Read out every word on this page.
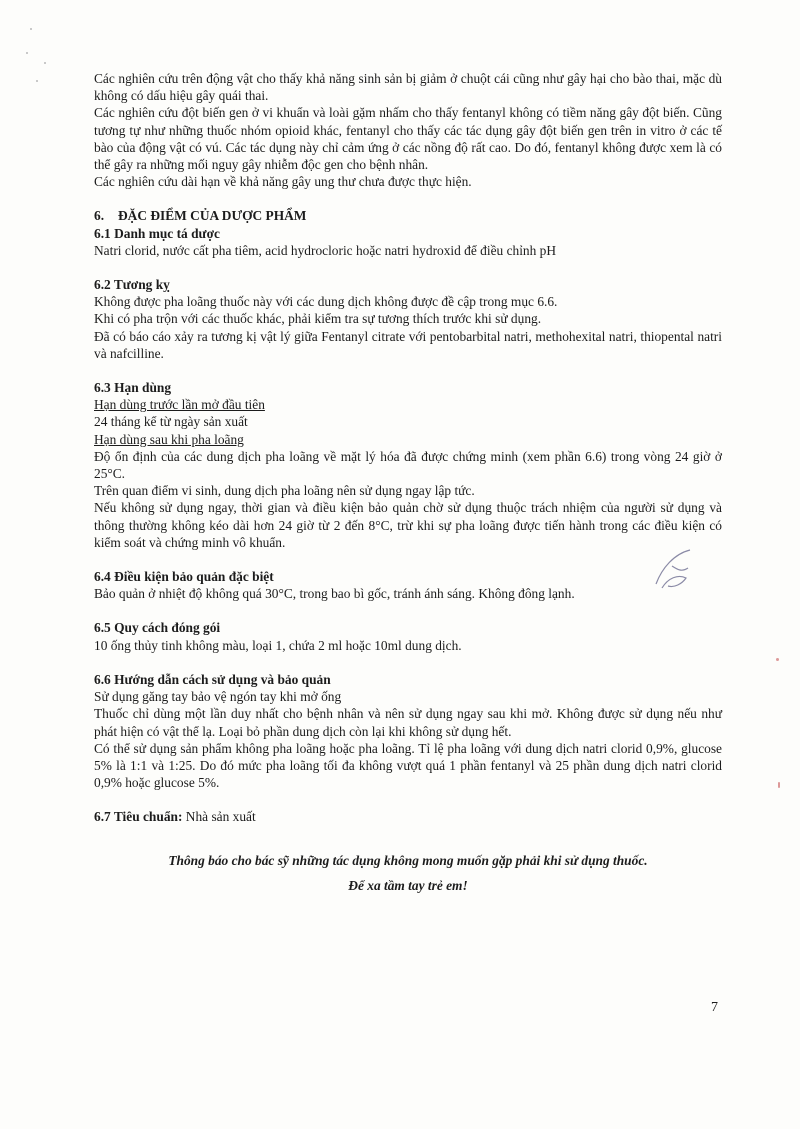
Các nghiên cứu trên động vật cho thấy khả năng sinh sản bị giảm ở chuột cái cũng như gây hại cho bào thai, mặc dù không có dấu hiệu gây quái thai.

Các nghiên cứu đột biến gen ở vi khuẩn và loài gặm nhấm cho thấy fentanyl không có tiềm năng gây đột biến. Cũng tương tự như những thuốc nhóm opioid khác, fentanyl cho thấy các tác dụng gây đột biến gen trên in vitro ở các tế bào của động vật có vú. Các tác dụng này chỉ cảm ứng ở các nồng độ rất cao. Do đó, fentanyl không được xem là có thể gây ra những mối nguy gây nhiễm độc gen cho bệnh nhân.

Các nghiên cứu dài hạn về khả năng gây ung thư chưa được thực hiện.

6. ĐẶC ĐIỂM CỦA DƯỢC PHẨM

6.1 Danh mục tá dược

Natri clorid, nước cất pha tiêm, acid hydrocloric hoặc natri hydroxid để điều chỉnh pH

6.2 Tương kỵ

Không được pha loãng thuốc này với các dung dịch không được đề cập trong mục 6.6.

Khi có pha trộn với các thuốc khác, phải kiểm tra sự tương thích trước khi sử dụng.

Đã có báo cáo xảy ra tương kị vật lý giữa Fentanyl citrate với pentobarbital natri, methohexital natri, thiopental natri và nafcilline.

6.3 Hạn dùng

Hạn dùng trước lần mở đầu tiên

24 tháng kể từ ngày sản xuất

Hạn dùng sau khi pha loãng

Độ ổn định của các dung dịch pha loãng về mặt lý hóa đã được chứng minh (xem phần 6.6) trong vòng 24 giờ ở 25°C.

Trên quan điểm vi sinh, dung dịch pha loãng nên sử dụng ngay lập tức.

Nếu không sử dụng ngay, thời gian và điều kiện bảo quản chờ sử dụng thuộc trách nhiệm của người sử dụng và thông thường không kéo dài hơn 24 giờ từ 2 đến 8°C, trừ khi sự pha loãng được tiến hành trong các điều kiện có kiểm soát và chứng minh vô khuẩn.

6.4 Điều kiện bảo quản đặc biệt

Bảo quản ở nhiệt độ không quá 30°C, trong bao bì gốc, tránh ánh sáng. Không đông lạnh.

6.5 Quy cách đóng gói

10 ống thủy tinh không màu, loại 1, chứa 2 ml hoặc 10ml dung dịch.

6.6 Hướng dẫn cách sử dụng và bảo quản

Sử dụng găng tay bảo vệ ngón tay khi mở ống

Thuốc chỉ dùng một lần duy nhất cho bệnh nhân và nên sử dụng ngay sau khi mở. Không được sử dụng nếu như phát hiện có vật thể lạ. Loại bỏ phần dung dịch còn lại khi không sử dụng hết.

Có thể sử dụng sản phẩm không pha loãng hoặc pha loãng. Tỉ lệ pha loãng với dung dịch natri clorid 0,9%, glucose 5% là 1:1 và 1:25. Do đó mức pha loãng tối đa không vượt quá 1 phần fentanyl và 25 phần dung dịch natri clorid 0,9% hoặc glucose 5%.

6.7 Tiêu chuẩn: Nhà sản xuất

Thông báo cho bác sỹ những tác dụng không mong muốn gặp phải khi sử dụng thuốc.
Để xa tầm tay trẻ em!
7
